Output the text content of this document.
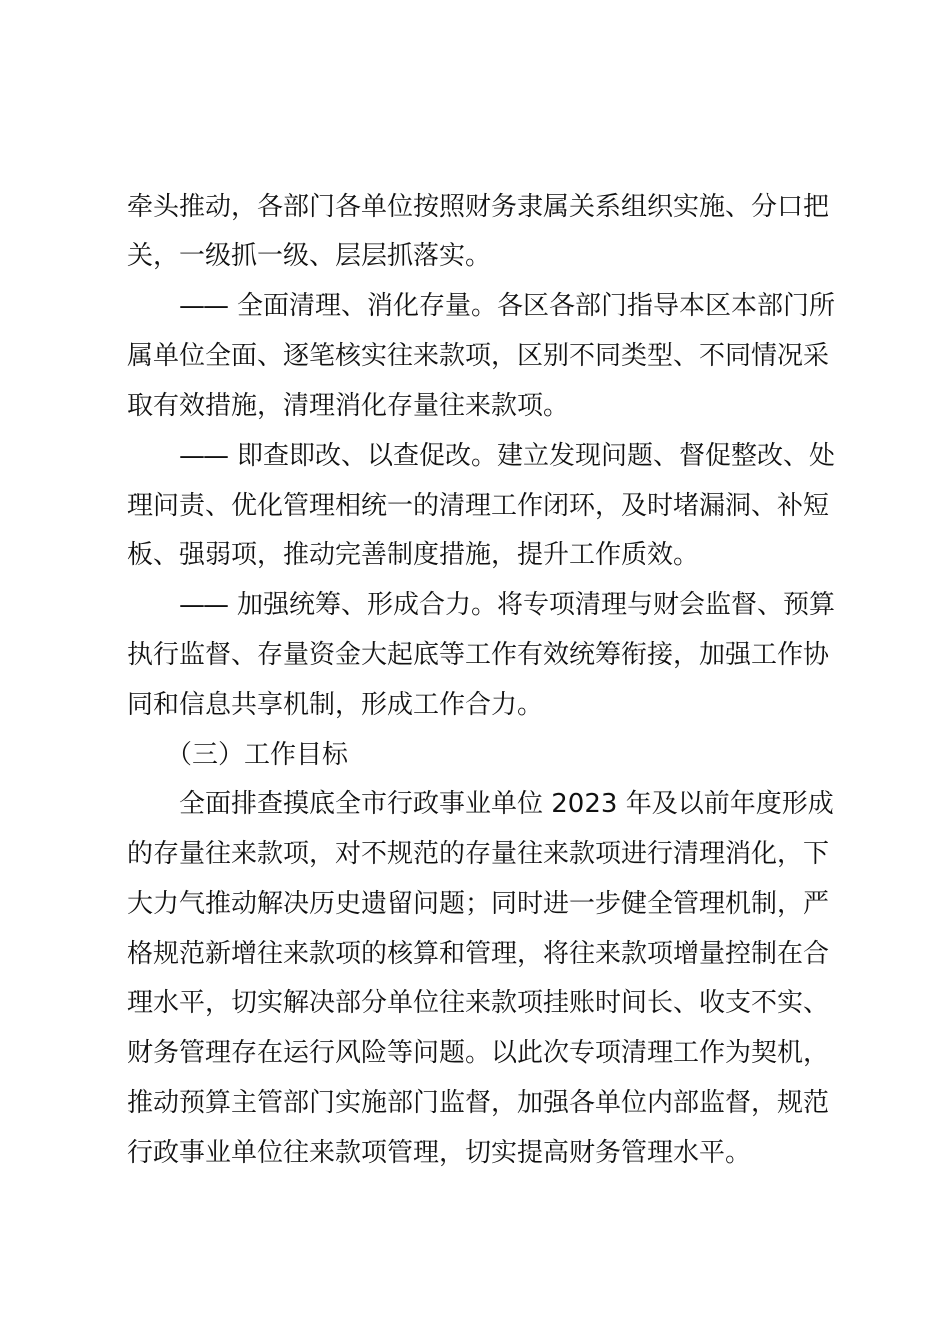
牵头推动，各部门各单位按照财务隶属关系组织实施、分口把
关，一级抓一级、层层抓落实。
—— 全面清理、消化存量。各区各部门指导本区本部门所
属单位全面、逐笔核实往来款项，区别不同类型、不同情况采
取有效措施，清理消化存量往来款项。
—— 即查即改、以查促改。建立发现问题、督促整改、处
理问责、优化管理相统一的清理工作闭环，及时堵漏洞、补短
板、强弱项，推动完善制度措施，提升工作质效。
—— 加强统筹、形成合力。将专项清理与财会监督、预算
执行监督、存量资金大起底等工作有效统筹衔接，加强工作协
同和信息共享机制，形成工作合力。
（三）工作目标
全面排查摸底全市行政事业单位 2023 年及以前年度形成
的存量往来款项，对不规范的存量往来款项进行清理消化，下
大力气推动解决历史遗留问题；同时进一步健全管理机制，严
格规范新增往来款项的核算和管理，将往来款项增量控制在合
理水平，切实解决部分单位往来款项挂账时间长、收支不实、
财务管理存在运行风险等问题。以此次专项清理工作为契机，
推动预算主管部门实施部门监督，加强各单位内部监督，规范
行政事业单位往来款项管理，切实提高财务管理水平。
